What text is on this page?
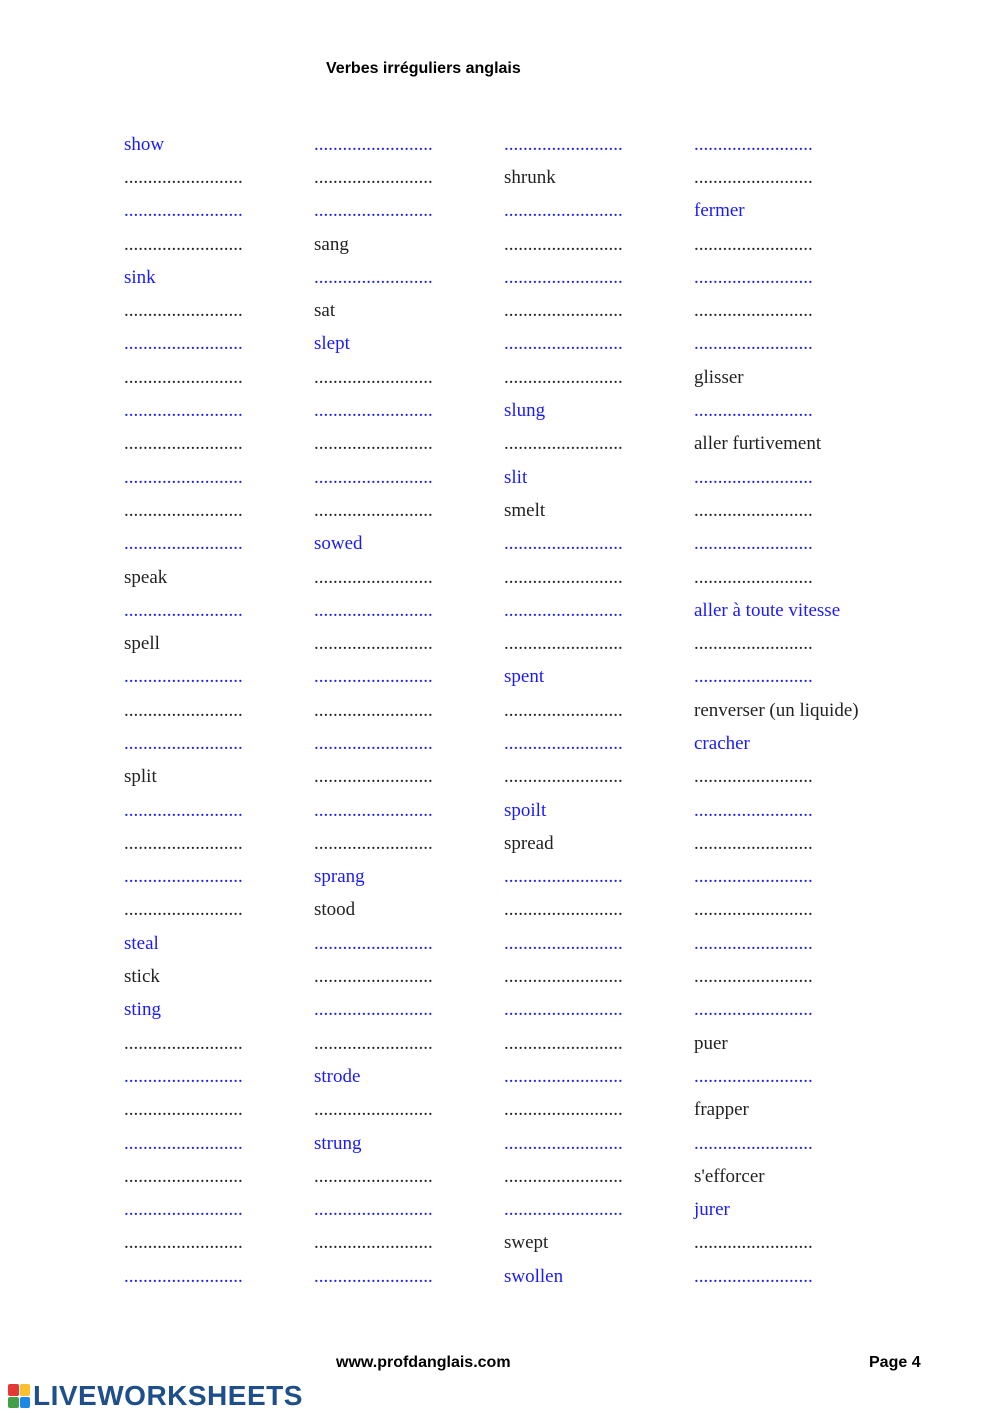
Verbes irréguliers anglais
show	.........................	.........................	.........................
.........................	.........................	shrunk	.........................
.........................	.........................	.........................	fermer
.........................	sang	.........................	.........................
sink	.........................	.........................	.........................
.........................	sat	.........................	.........................
.........................	slept	.........................	.........................
.........................	.........................	.........................	glisser
.........................	.........................	slung	.........................
.........................	.........................	.........................	aller furtivement
.........................	.........................	slit	.........................
.........................	.........................	smelt	.........................
.........................	sowed	.........................	.........................
speak	.........................	.........................	.........................
.........................	.........................	.........................	aller à toute vitesse
spell	.........................	.........................	.........................
.........................	.........................	spent	.........................
.........................	.........................	.........................	renverser (un liquide)
.........................	.........................	.........................	cracher
split	.........................	.........................	.........................
.........................	.........................	spoilt	.........................
.........................	.........................	spread	.........................
.........................	sprang	.........................	.........................
.........................	stood	.........................	.........................
steal	.........................	.........................	.........................
stick	.........................	.........................	.........................
sting	.........................	.........................	.........................
.........................	.........................	.........................	puer
.........................	strode	.........................	.........................
.........................	.........................	.........................	frapper
.........................	strung	.........................	.........................
.........................	.........................	.........................	s'efforcer
.........................	.........................	.........................	jurer
.........................	.........................	swept	.........................
.........................	.........................	swollen	.........................
www.profdanglais.com	Page 4
LIVEWORKSHEETS
